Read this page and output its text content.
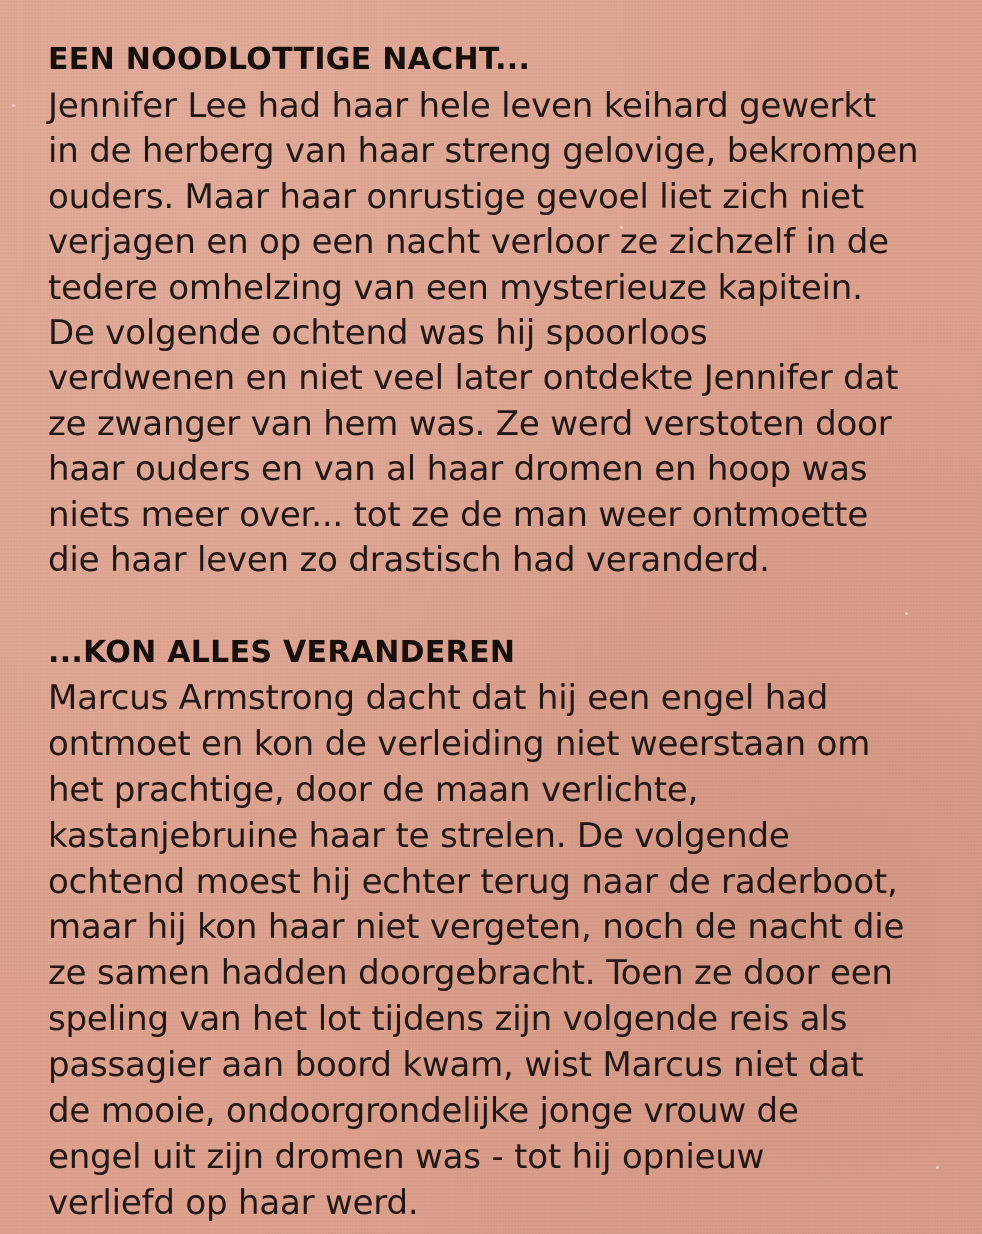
EEN NOODLOTTIGE NACHT...
Jennifer Lee had haar hele leven keihard gewerkt
in de herberg van haar streng gelovige, bekrompen
ouders. Maar haar onrustige gevoel liet zich niet
verjagen en op een nacht verloor ze zichzelf in de
tedere omhelzing van een mysterieuze kapitein.
De volgende ochtend was hij spoorloos
verdwenen en niet veel later ontdekte Jennifer dat
ze zwanger van hem was. Ze werd verstoten door
haar ouders en van al haar dromen en hoop was
niets meer over... tot ze de man weer ontmoette
die haar leven zo drastisch had veranderd.
...KON ALLES VERANDEREN
Marcus Armstrong dacht dat hij een engel had
ontmoet en kon de verleiding niet weerstaan om
het prachtige, door de maan verlichte,
kastanjebruine haar te strelen. De volgende
ochtend moest hij echter terug naar de raderboot,
maar hij kon haar niet vergeten, noch de nacht die
ze samen hadden doorgebracht. Toen ze door een
speling van het lot tijdens zijn volgende reis als
passagier aan boord kwam, wist Marcus niet dat
de mooie, ondoorgrondelijke jonge vrouw de
engel uit zijn dromen was - tot hij opnieuw
verliefd op haar werd.
